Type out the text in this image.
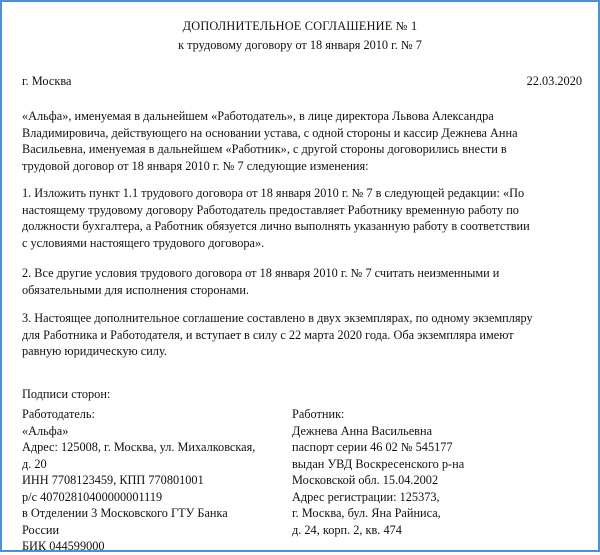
ДОПОЛНИТЕЛЬНОЕ СОГЛАШЕНИЕ № 1
к трудовому договору от 18 января 2010 г. № 7
г. Москва	22.03.2020

«Альфа», именуемая в дальнейшем «Работодатель», в лице директора Львова Александра
Владимировича, действующего на основании устава, с одной стороны и кассир Дежнева Анна
Васильевна, именуемая в дальнейшем «Работник», с другой стороны договорились внести в
трудовой договор от 18 января 2010 г. № 7 следующие изменения:

1. Изложить пункт 1.1 трудового договора от 18 января 2010 г. № 7 в следующей редакции: «По
настоящему трудовому договору Работодатель предоставляет Работнику временную работу по
должности бухгалтера, а Работник обязуется лично выполнять указанную работу в соответствии
с условиями настоящего трудового договора».

2. Все другие условия трудового договора от 18 января 2010 г. № 7 считать неизменными и
обязательными для исполнения сторонами.

3. Настоящее дополнительное соглашение составлено в двух экземплярах, по одному экземпляру
для Работника и Работодателя, и вступает в силу с 22 марта 2020 года. Оба экземпляра имеют
равную юридическую силу.

Подписи сторон:
Работодатель:
«Альфа»
Адрес: 125008, г. Москва, ул. Михалковская,
д. 20
ИНН 7708123459, КПП 770801001
р/с 40702810400000001119
в Отделении 3 Московского ГТУ Банка
России
БИК 044599000
Работник:
Дежнева Анна Васильевна
паспорт серии 46 02 № 545177
выдан УВД Воскресенского р-на
Московской обл. 15.04.2002
Адрес регистрации: 125373,
г. Москва, бул. Яна Райниса,
д. 24, корп. 2, кв. 474
